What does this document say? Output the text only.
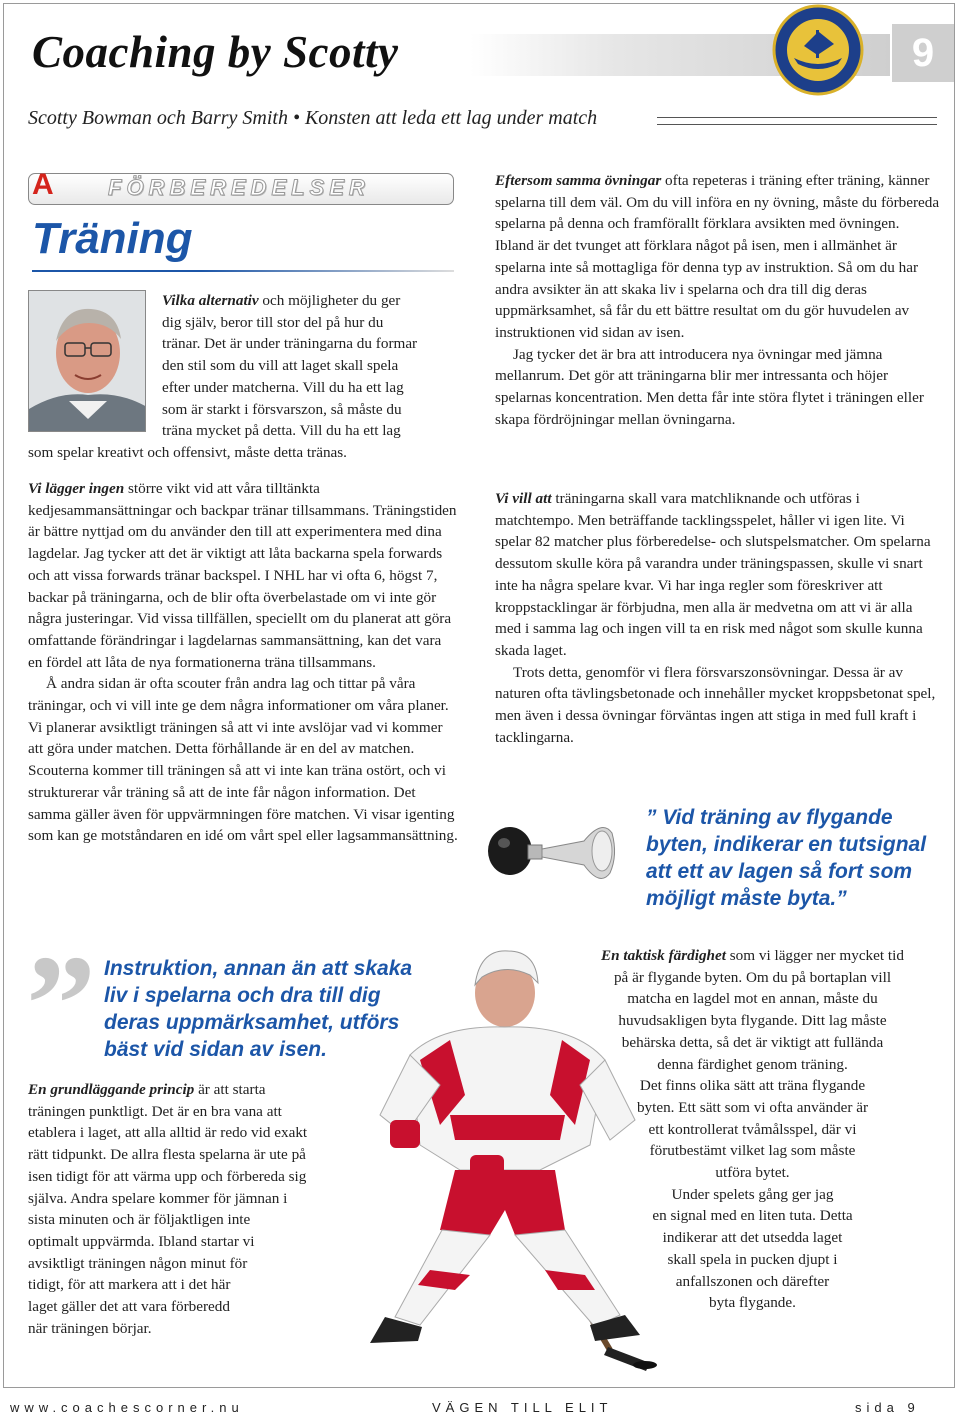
Coaching by Scotty	9
Scotty Bowman och Barry Smith • Konsten att leda ett lag under match
A FÖRBEREDELSER
Träning
Vilka alternativ och möjligheter du ger
dig själv, beror till stor del på hur du
tränar. Det är under träningarna du formar
den stil som du vill att laget skall spela
efter under matcherna. Vill du ha ett lag
som är starkt i försvarszon, så måste du
träna mycket på detta. Vill du ha ett lag
som spelar kreativt och offensivt, måste detta tränas.

Vi lägger ingen större vikt vid att våra tilltänkta kedjesammansättningar och backpar tränar tillsammans. Träningstiden är bättre nyttjad om du använder den till att experimentera med dina lagdelar. Jag tycker att det är viktigt att låta backarna spela forwards och att vissa forwards tränar backspel. I NHL har vi ofta 6, högst 7, backar på träningarna, och de blir ofta överbelastade om vi inte gör några justeringar. Vid vissa tillfällen, speciellt om du planerat att göra omfattande förändringar i lagdelarnas sammansättning, kan det vara en fördel att låta de nya formationerna träna tillsammans.

Å andra sidan är ofta scouter från andra lag och tittar på våra träningar, och vi vill inte ge dem några informationer om våra planer. Vi planerar avsiktligt träningen så att vi inte avslöjar vad vi kommer att göra under matchen. Detta förhållande är en del av matchen. Scouterna kommer till träningen så att vi inte kan träna ostört, och vi strukturerar vår träning så att de inte får någon information. Det samma gäller även för uppvärmningen före matchen. Vi visar igenting som kan ge motståndaren en idé om vårt spel eller lagsammansättning.

” Instruktion, annan än att skaka liv i spelarna och dra till dig deras uppmärksamhet, utförs bäst vid sidan av isen.
En grundläggande princip är att starta
träningen punktligt. Det är en bra vana att
etablera i laget, att alla alltid är redo vid exakt
rätt tidpunkt. De allra flesta spelarna är ute på
isen tidigt för att värma upp och förbereda sig
själva. Andra spelare kommer för jämnan i
sista minuten och är följaktligen inte
optimalt uppvärmda. Ibland startar vi
avsiktligt träningen någon minut för
tidigt, för att markera att i det här
laget gäller det att vara förberedd
när träningen börjar.

Eftersom samma övningar ofta repeteras i träning efter träning, känner spelarna till dem väl. Om du vill införa en ny övning, måste du förbereda spelarna på denna och framförallt förklara avsikten med övningen. Ibland är det tvunget att förklara något på isen, men i allmänhet är spelarna inte så mottagliga för denna typ av instruktion. Så om du har andra avsikter än att skaka liv i spelarna och dra till dig deras uppmärksamhet, så får du ett bättre resultat om du gör huvudelen av instruktionen vid sidan av isen.

Jag tycker det är bra att introducera nya övningar med jämna mellanrum. Det gör att träningarna blir mer intressanta och höjer spelarnas koncentration. Men detta får inte störa flytet i träningen eller skapa fördröjningar mellan övningarna.

Vi vill att träningarna skall vara matchliknande och utföras i matchtempo. Men beträffande tacklingsspelet, håller vi igen lite. Vi spelar 82 matcher plus förberedelse- och slutspelsmatcher. Om spelarna dessutom skulle köra på varandra under träningspassen, skulle vi snart inte ha några spelare kvar. Vi har inga regler som föreskriver att kroppstacklingar är förbjudna, men alla är medvetna om att vi är alla med i samma lag och ingen vill ta en risk med något som skulle kunna skada laget.

Trots detta, genomför vi flera försvarszonsövningar. Dessa är av naturen ofta tävlingsbetonade och innehåller mycket kroppsbetonat spel, men även i dessa övningar förväntas ingen att stiga in med full kraft i tacklingarna.

” Vid träning av flygande byten, indikerar en tutsignal att ett av lagen så fort som möjligt måste byta.”

En taktisk färdighet som vi lägger ner mycket tid

på är flygande byten. Om du på bortaplan vill

matcha en lagdel mot en annan, måste du

huvudsakligen byta flygande. Ditt lag måste

behärska detta, så det är viktigt att fullända

denna färdighet genom träning.

Det finns olika sätt att träna flygande

byten. Ett sätt som vi ofta använder är

ett kontrollerat tvåmålsspel, där vi

förutbestämt vilket lag som måste

utföra bytet.

Under spelets gång ger jag

en signal med en liten tuta. Detta

indikerar att det utsedda laget

skall spela in pucken djupt i

anfallszonen och därefter

byta flygande.

www.coachescorner.nu	VÄGEN TILL ELIT	sida 9
